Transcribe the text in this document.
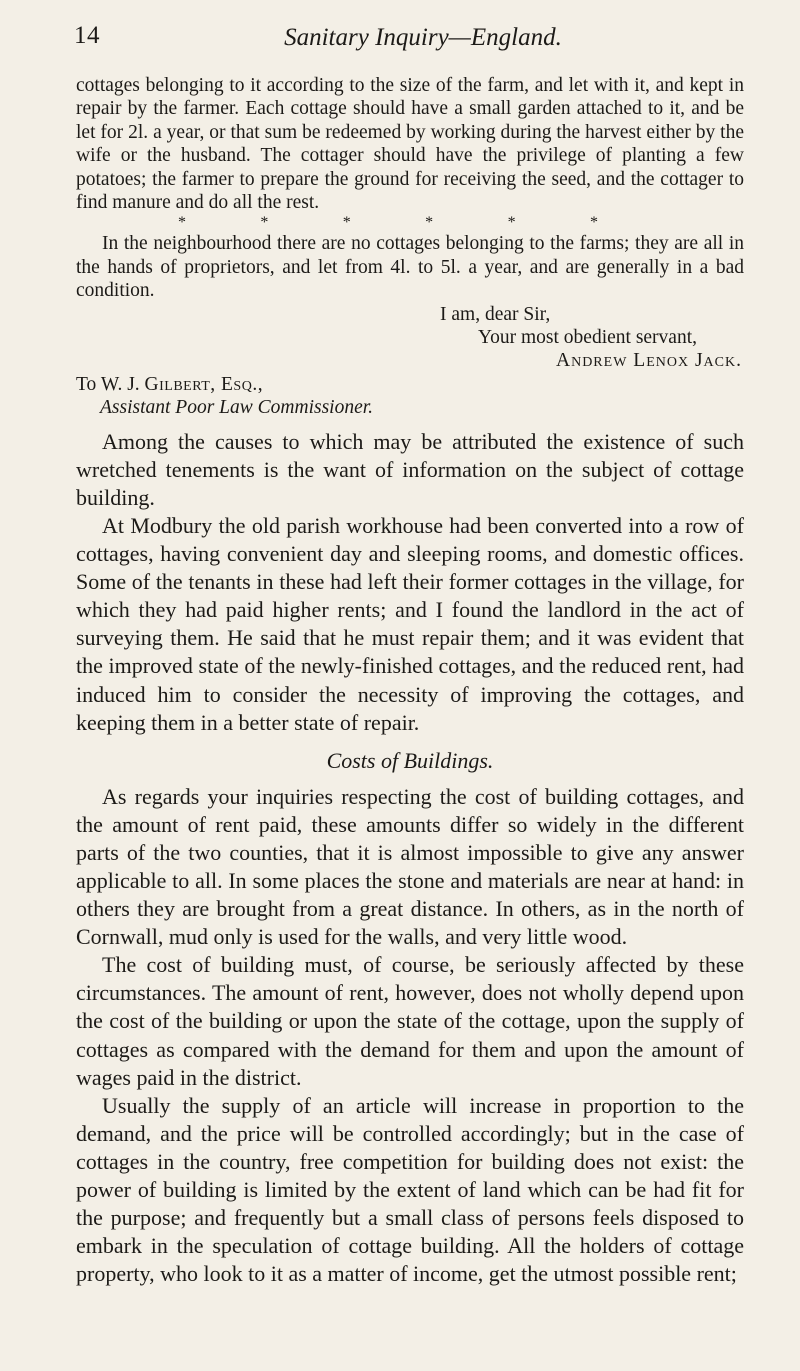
14	Sanitary Inquiry—England.

cottages belonging to it according to the size of the farm, and let with it, and kept in repair by the farmer. Each cottage should have a small garden attached to it, and be let for 2l. a year, or that sum be redeemed by working during the harvest either by the wife or the husband. The cottager should have the privilege of planting a few potatoes; the farmer to prepare the ground for receiving the seed, and the cottager to find manure and do all the rest.

*	*	*	*	*	*

In the neighbourhood there are no cottages belonging to the farms; they are all in the hands of proprietors, and let from 4l. to 5l. a year, and are generally in a bad condition.

I am, dear Sir,

Your most obedient servant,

Andrew Lenox Jack.

To W. J. Gilbert, Esq.,

Assistant Poor Law Commissioner.

Among the causes to which may be attributed the existence of such wretched tenements is the want of information on the subject of cottage building.

At Modbury the old parish workhouse had been converted into a row of cottages, having convenient day and sleeping rooms, and domestic offices. Some of the tenants in these had left their former cottages in the village, for which they had paid higher rents; and I found the landlord in the act of surveying them. He said that he must repair them; and it was evident that the improved state of the newly-finished cottages, and the reduced rent, had induced him to consider the necessity of improving the cottages, and keeping them in a better state of repair.

Costs of Buildings.

As regards your inquiries respecting the cost of building cottages, and the amount of rent paid, these amounts differ so widely in the different parts of the two counties, that it is almost impossible to give any answer applicable to all. In some places the stone and materials are near at hand: in others they are brought from a great distance. In others, as in the north of Cornwall, mud only is used for the walls, and very little wood.

The cost of building must, of course, be seriously affected by these circumstances. The amount of rent, however, does not wholly depend upon the cost of the building or upon the state of the cottage, upon the supply of cottages as compared with the demand for them and upon the amount of wages paid in the district.

Usually the supply of an article will increase in proportion to the demand, and the price will be controlled accordingly; but in the case of cottages in the country, free competition for building does not exist: the power of building is limited by the extent of land which can be had fit for the purpose; and frequently but a small class of persons feels disposed to embark in the speculation of cottage building. All the holders of cottage property, who look to it as a matter of income, get the utmost possible rent;
